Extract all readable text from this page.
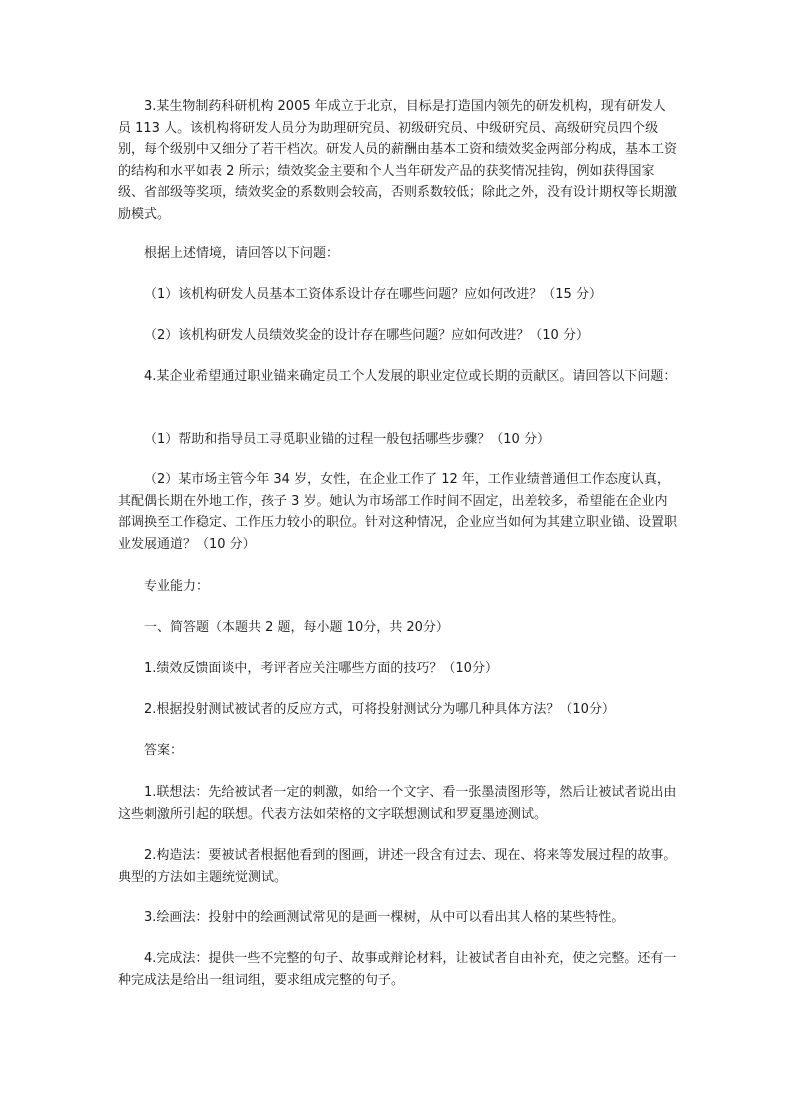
3.某生物制药科研机构 2005 年成立于北京，目标是打造国内领先的研发机构，现有研发人员 113 人。该机构将研发人员分为助理研究员、初级研究员、中级研究员、高级研究员四个级别，每个级别中又细分了若干档次。研发人员的薪酬由基本工资和绩效奖金两部分构成，基本工资的结构和水平如表 2 所示；绩效奖金主要和个人当年研发产品的获奖情况挂钩，例如获得国家级、省部级等奖项，绩效奖金的系数则会较高，否则系数较低；除此之外，没有设计期权等长期激励模式。

根据上述情境，请回答以下问题：

（1）该机构研发人员基本工资体系设计存在哪些问题？应如何改进？（15 分）

（2）该机构研发人员绩效奖金的设计存在哪些问题？应如何改进？（10 分）

4.某企业希望通过职业锚来确定员工个人发展的职业定位或长期的贡献区。请回答以下问题：

（1）帮助和指导员工寻觅职业锚的过程一般包括哪些步骤？（10 分）

（2）某市场主管今年 34 岁，女性，在企业工作了 12 年，工作业绩普通但工作态度认真，其配偶长期在外地工作，孩子 3 岁。她认为市场部工作时间不固定，出差较多，希望能在企业内部调换至工作稳定、工作压力较小的职位。针对这种情况，企业应当如何为其建立职业锚、设置职业发展通道？（10 分）

专业能力：

一、简答题（本题共 2 题，每小题 10分，共 20分）

1.绩效反馈面谈中，考评者应关注哪些方面的技巧？（10分）

2.根据投射测试被试者的反应方式，可将投射测试分为哪几种具体方法？（10分）

答案：

1.联想法：先给被试者一定的刺激，如给一个文字、看一张墨渍图形等，然后让被试者说出由这些刺激所引起的联想。代表方法如荣格的文字联想测试和罗夏墨迹测试。

2.构造法：要被试者根据他看到的图画，讲述一段含有过去、现在、将来等发展过程的故事。典型的方法如主题统觉测试。

3.绘画法：投射中的绘画测试常见的是画一棵树，从中可以看出其人格的某些特性。

4.完成法：提供一些不完整的句子、故事或辩论材料，让被试者自由补充，使之完整。还有一种完成法是给出一组词组，要求组成完整的句子。
